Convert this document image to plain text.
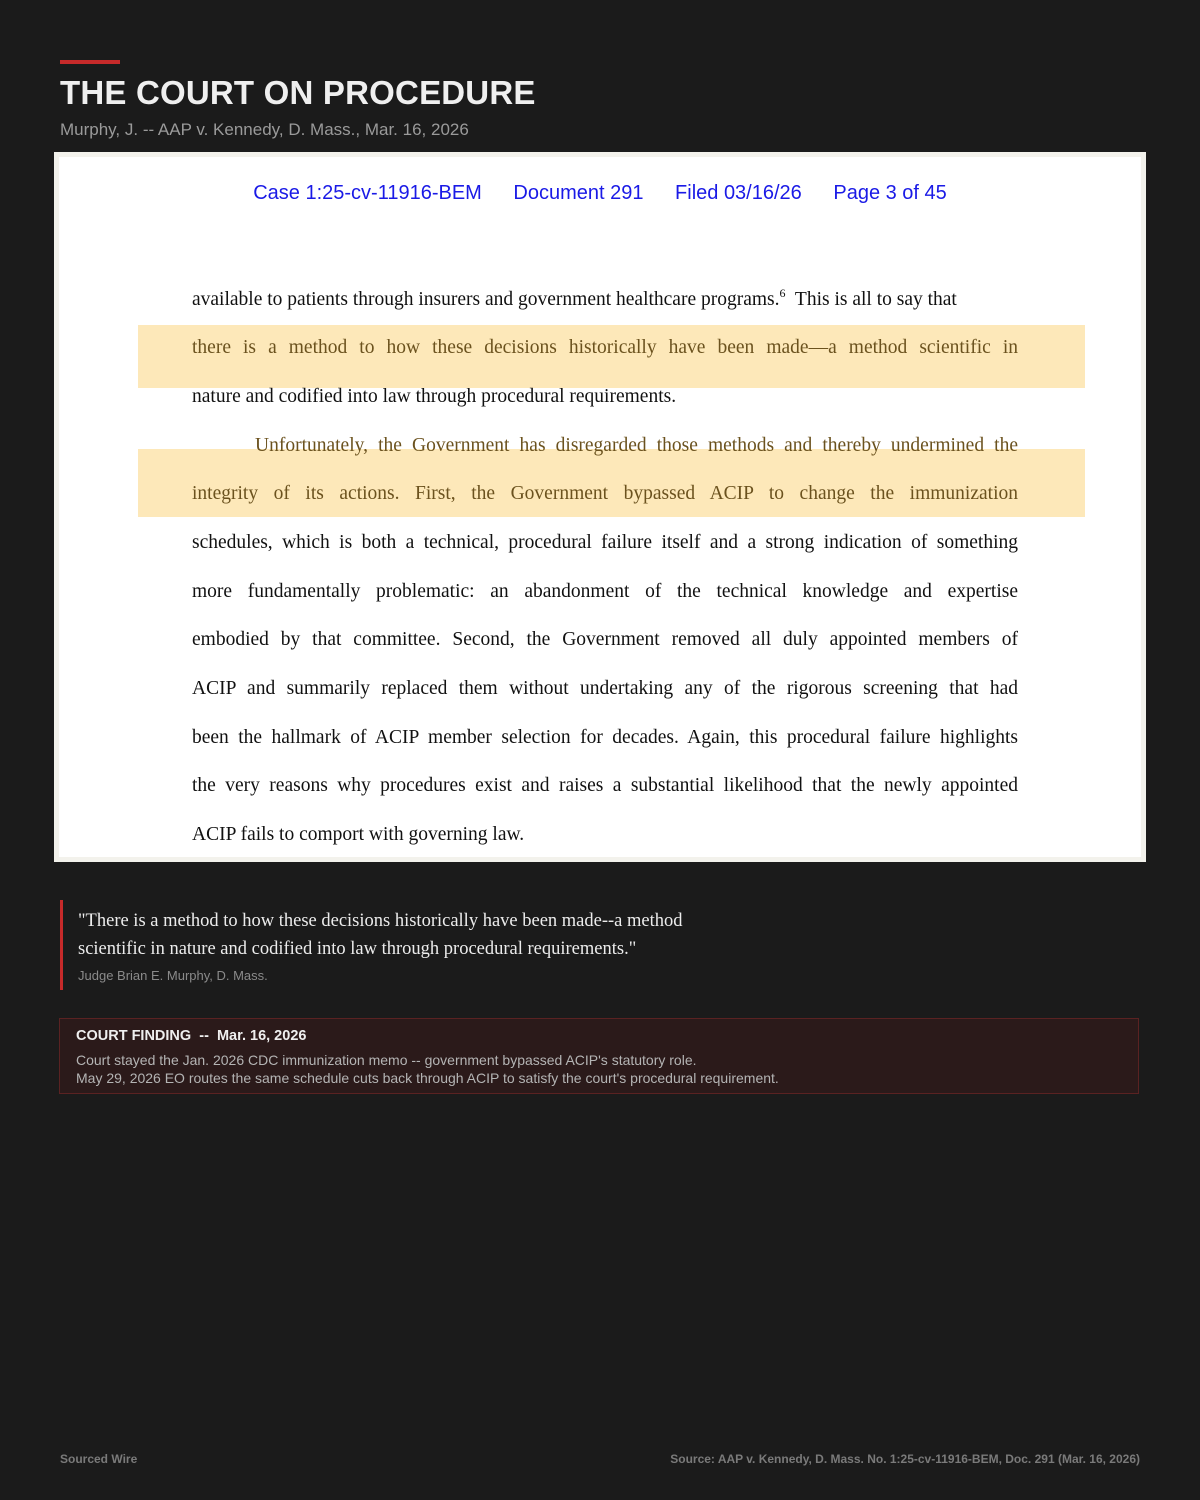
THE COURT ON PROCEDURE
Murphy, J. -- AAP v. Kennedy, D. Mass., Mar. 16, 2026
Case 1:25-cv-11916-BEM Document 291 Filed 03/16/26 Page 3 of 45
available to patients through insurers and government healthcare programs.$^6$  This is all to say that
there is a method to how these decisions historically have been made—a method scientific in
nature and codified into law through procedural requirements.
Unfortunately, the Government has disregarded those methods and thereby undermined the
integrity of its actions. First, the Government bypassed ACIP to change the immunization
schedules, which is both a technical, procedural failure itself and a strong indication of something
more fundamentally problematic: an abandonment of the technical knowledge and expertise
embodied by that committee. Second, the Government removed all duly appointed members of
ACIP and summarily replaced them without undertaking any of the rigorous screening that had
been the hallmark of ACIP member selection for decades. Again, this procedural failure highlights
the very reasons why procedures exist and raises a substantial likelihood that the newly appointed
ACIP fails to comport with governing law.

"There is a method to how these decisions historically have been made--a method scientific in nature and codified into law through procedural requirements."

Judge Brian E. Murphy, D. Mass.
COURT FINDING  --  Mar. 16, 2026
Court stayed the Jan. 2026 CDC immunization memo -- government bypassed ACIP's statutory role.
May 29, 2026 EO routes the same schedule cuts back through ACIP to satisfy the court's procedural requirement.
Sourced Wire	Source: AAP v. Kennedy, D. Mass. No. 1:25-cv-11916-BEM, Doc. 291 (Mar. 16, 2026)
